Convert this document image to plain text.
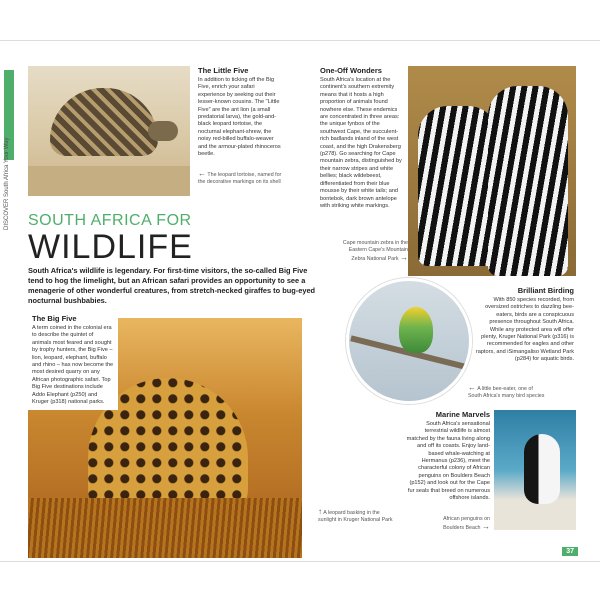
DISCOVER South Africa Your Way
The Little Five
In addition to ticking off the Big Five, enrich your safari experience by seeking out their lesser-known cousins. The "Little Five" are the ant lion (a small predatorial larva), the gold-and-black leopard tortoise, the nocturnal elephant-shrew, the noisy red-billed buffalo-weaver and the armour-plated rhinoceros beetle.
← The leopard tortoise, named for the decorative markings on its shell
SOUTH AFRICA FOR
WILDLIFE
South Africa's wildlife is legendary. For first-time visitors, the so-called Big Five tend to hog the limelight, but an African safari provides an opportunity to see a menagerie of other wonderful creatures, from stretch-necked giraffes to bug-eyed nocturnal bushbabies.
One-Off Wonders
South Africa's location at the continent's southern extremity means that it hosts a high proportion of animals found nowhere else. These endemics are concentrated in three areas: the unique fynbos of the southwest Cape, the succulent-rich badlands inland of the west coast, and the high Drakensberg (p278). Go searching for Cape mountain zebra, distinguished by their narrow stripes and white bellies; black wildebeest, differentiated from their blue mousse by their white tails; and bontebok, dark brown antelope with striking white markings.
Cape mountain zebra in the Eastern Cape's Mountain Zebra National Park →
The Big Five
A term coined in the colonial era to describe the quintet of animals most feared and sought by trophy hunters, the Big Five – lion, leopard, elephant, buffalo and rhino – has now become the most desired quarry on any African photographic safari. Top Big Five destinations include Addo Elephant (p250) and Kruger (p318) national parks.
↑ A leopard basking in the sunlight in Kruger National Park
Brilliant Birding
With 850 species recorded, from oversized ostriches to dazzling bee-eaters, birds are a conspicuous presence throughout South Africa. While any protected area will offer plenty, Kruger National Park (p316) is recommended for eagles and other raptors, and iSimangaliso Wetland Park (p284) for aquatic birds.
← A little bee-eater, one of South Africa's many bird species
Marine Marvels
South Africa's sensational terrestrial wildlife is almost matched by the fauna living along and off its coasts. Enjoy land-based whale-watching at Hermanus (p236), meet the characterful colony of African penguins on Boulders Beach (p152) and look out for the Cape fur seals that breed on numerous offshore islands.
African penguins on Boulders Beach →
37
